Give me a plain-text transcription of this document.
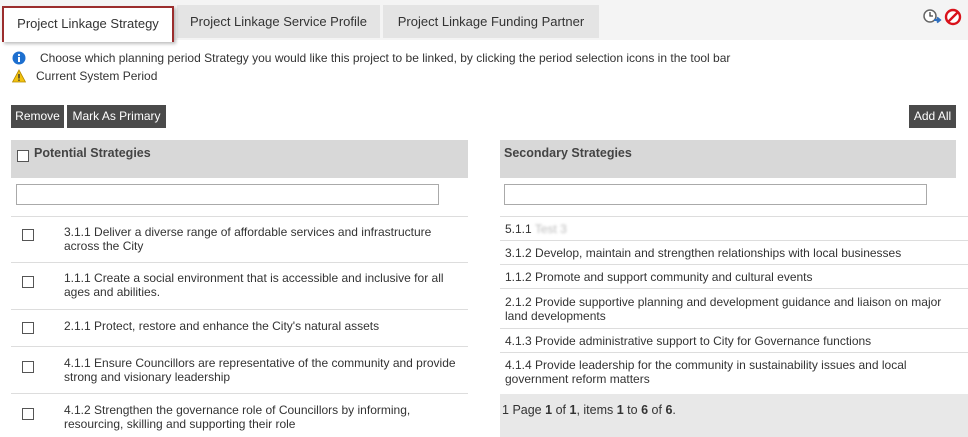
Project Linkage Strategy	Project Linkage Service Profile	Project Linkage Funding Partner
Choose which planning period Strategy you would like this project to be linked, by clicking the period selection icons in the tool bar
Current System Period
Remove	Mark As Primary	Add All
Potential Strategies
3.1.1 Deliver a diverse range of affordable services and infrastructure across the City
1.1.1 Create a social environment that is accessible and inclusive for all ages and abilities.
2.1.1 Protect, restore and enhance the City's natural assets
4.1.1 Ensure Councillors are representative of the community and provide strong and visionary leadership
4.1.2 Strengthen the governance role of Councillors by informing, resourcing, skilling and supporting their role
Secondary Strategies
5.1.1 Test 3
3.1.2 Develop, maintain and strengthen relationships with local businesses
1.1.2 Promote and support community and cultural events
2.1.2 Provide supportive planning and development guidance and liaison on major land developments
4.1.3 Provide administrative support to City for Governance functions
4.1.4 Provide leadership for the community in sustainability issues and local government reform matters
1 Page 1 of 1, items 1 to 6 of 6.
